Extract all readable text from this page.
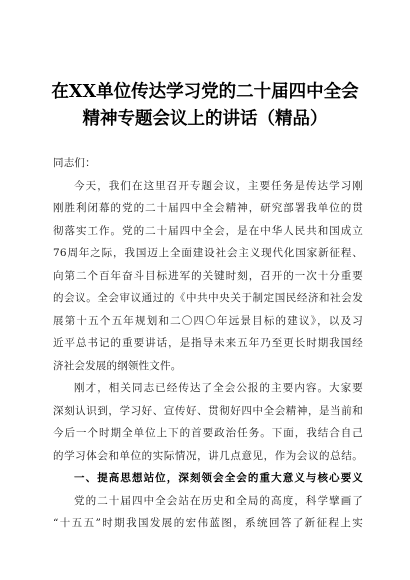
在XX单位传达学习党的二十届四中全会
精神专题会议上的讲话（精品）
同志们：
今天，我们在这里召开专题会议，主要任务是传达学习刚
刚胜利闭幕的党的二十届四中全会精神，研究部署我单位的贯
彻落实工作。党的二十届四中全会，是在中华人民共和国成立
76周年之际，我国迈上全面建设社会主义现代化国家新征程、
向第二个百年奋斗目标进军的关键时刻，召开的一次十分重要
的会议。全会审议通过的《中共中央关于制定国民经济和社会发
展第十五个五年规划和二〇四〇年远景目标的建议》，以及习
近平总书记的重要讲话，是指导未来五年乃至更长时期我国经
济社会发展的纲领性文件。
刚才，相关同志已经传达了全会公报的主要内容。大家要
深刻认识到，学习好、宣传好、贯彻好四中全会精神，是当前和
今后一个时期全单位上下的首要政治任务。下面，我结合自己
的学习体会和单位的实际情况，讲几点意见，作为会议的总结。
一、提高思想站位，深刻领会全会的重大意义与核心要义
党的二十届四中全会站在历史和全局的高度，科学擘画了
“十五五”时期我国发展的宏伟蓝图，系统回答了新征程上实
